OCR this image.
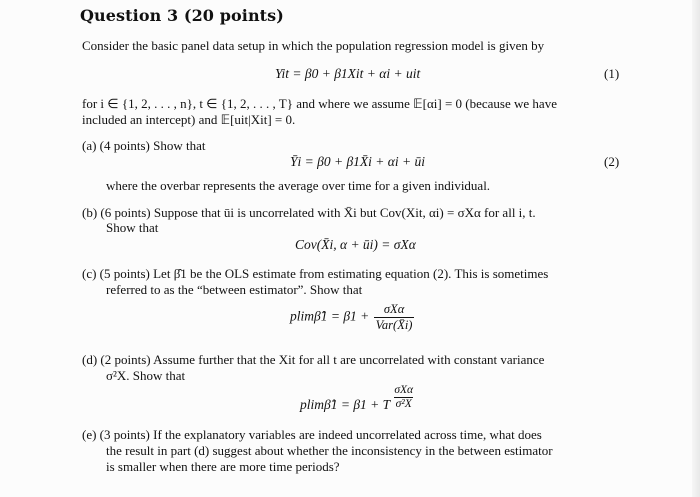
Question 3 (20 points)
Consider the basic panel data setup in which the population regression model is given by
Yit = β0 + β1Xit + αi + uit	(1)
for i ∈ {1, 2, . . . , n}, t ∈ {1, 2, . . . , T} and where we assume 𝔼[αi] = 0 (because we have
included an intercept) and 𝔼[uit|Xit] = 0.
(a) (4 points) Show that
Ȳi = β0 + β1X̄i + αi + ūi	(2)
where the overbar represents the average over time for a given individual.
(b) (6 points) Suppose that ūi is uncorrelated with X̄i but Cov(Xit, αi) = σXα for all i, t.
Show that
Cov(X̄i, α + ūi) = σXα
(c) (5 points) Let β̂1 be the OLS estimate from estimating equation (2). This is sometimes
referred to as the “between estimator”. Show that
plimβ̂1 = $\beta 1 + \frac{\text{σXα}}{\text{Var(X̄i)}}$
(d) (2 points) Assume further that the Xit for all t are uncorrelated with constant variance
σ²X. Show that
plimβ̂1 = β1 + T $\frac{\text{σXα}}{\text{σ²X}}$
(e) (3 points) If the explanatory variables are indeed uncorrelated across time, what does
the result in part (d) suggest about whether the inconsistency in the between estimator
is smaller when there are more time periods?
